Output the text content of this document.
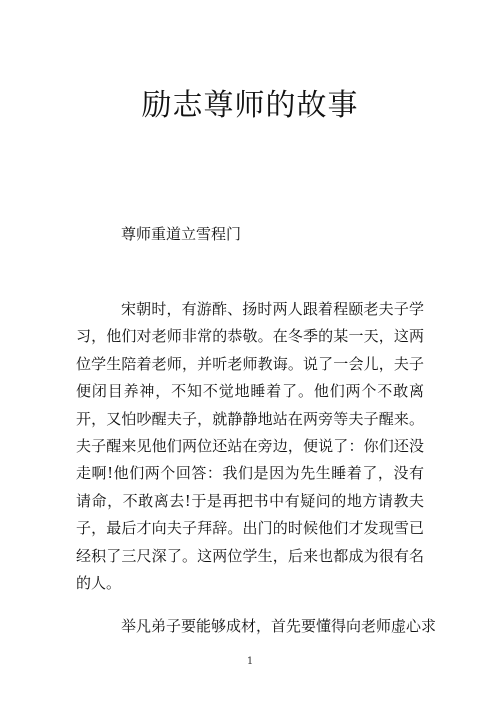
励志尊师的故事
尊师重道立雪程门

宋朝时，有游酢、扬时两人跟着程颐老夫子学习，他们对老师非常的恭敬。在冬季的某一天，这两位学生陪着老师，并听老师教诲。说了一会儿，夫子便闭目养神，不知不觉地睡着了。他们两个不敢离开，又怕吵醒夫子，就静静地站在两旁等夫子醒来。夫子醒来见他们两位还站在旁边，便说了：你们还没走啊!他们两个回答：我们是因为先生睡着了，没有请命，不敢离去!于是再把书中有疑问的地方请教夫子，最后才向夫子拜辞。出门的时候他们才发现雪已经积了三尺深了。这两位学生，后来也都成为很有名的人。

举凡弟子要能够成材，首先要懂得向老师虚心求
1
